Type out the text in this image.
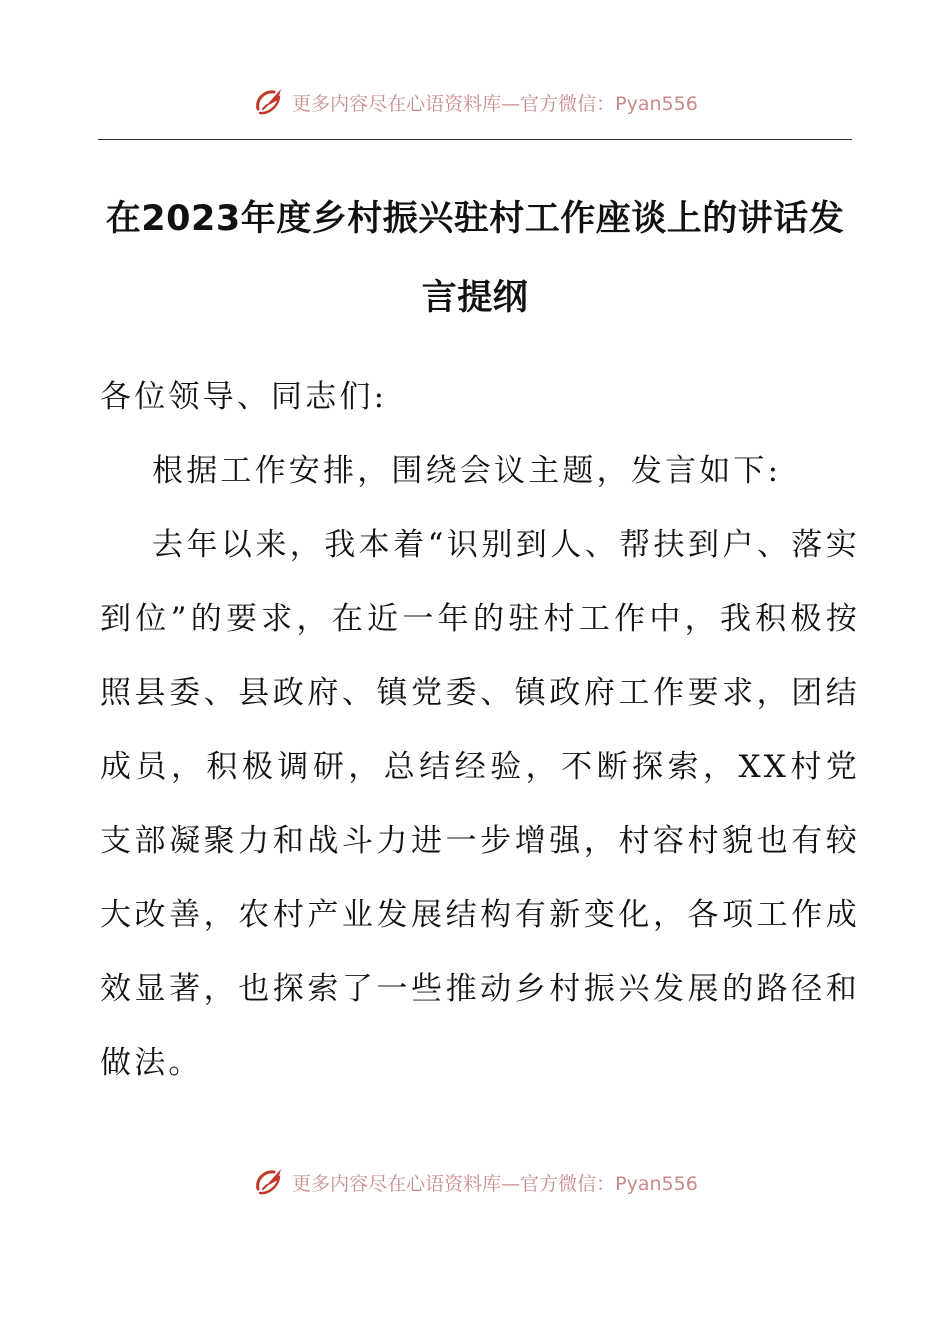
更多内容尽在心语资料库—官方微信：Pyan556
在2023年度乡村振兴驻村工作座谈上的讲话发言提纲

各位领导、同志们:

根据工作安排，围绕会议主题，发言如下:

去年以来，我本着“识别到人、帮扶到户、落实到位”的要求，在近一年的驻村工作中，我积极按照县委、县政府、镇党委、镇政府工作要求，团结成员，积极调研，总结经验，不断探索，XX村党支部凝聚力和战斗力进一步增强，村容村貌也有较大改善，农村产业发展结构有新变化，各项工作成效显著，也探索了一些推动乡村振兴发展的路径和做法。

更多内容尽在心语资料库—官方微信：Pyan556
